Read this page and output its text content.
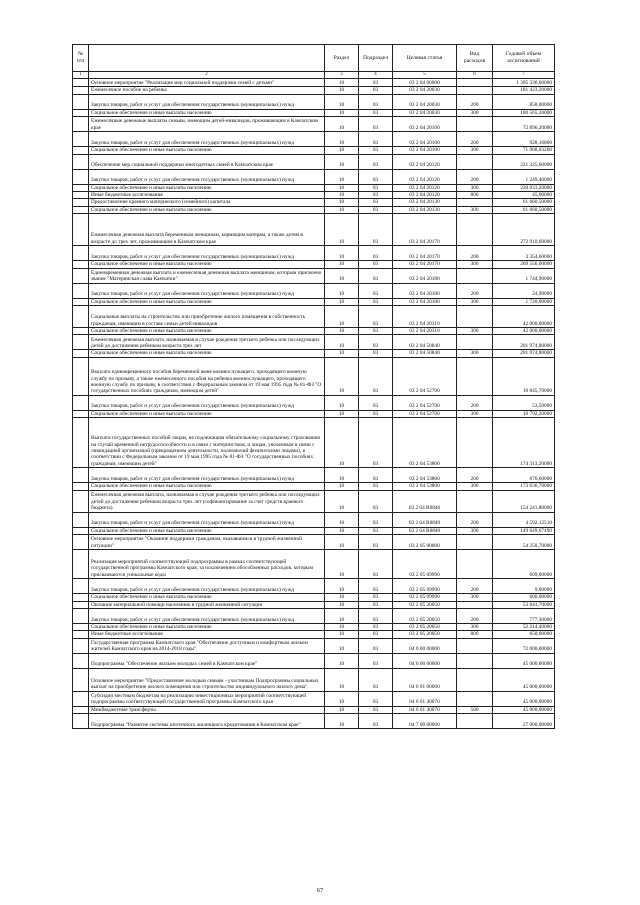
№ п/п		Раздел	Подраздел	Целевая статья	Вид расходов	Годовой объем ассигнований
1	2	3	4	5	6	7
	Основное мероприятие "Реализация мер социальной поддержки семей с детьми"	10	03	03 2 04 00000		1 395 336,60000
	Ежемесячное пособие на ребенка	10	03	03 2 04 20030		181 423,20000
	Закупка товаров, работ и услуг для обеспечения государственных (муниципальных) нужд	10	03	03 2 04 20030	200	858,00000
	Социальное обеспечение и иные выплаты населению	10	03	03 2 04 20030	300	180 565,20000
	Ежемесячные денежные выплаты семьям, имеющим детей-инвалидов, проживающим в Камчатском крае	10	03	03 2 04 20100		72 896,20000
	Закупка товаров, работ и услуг для обеспечения государственных (муниципальных) нужд	10	03	03 2 04 20100	200	928,16800
	Социальное обеспечение и иные выплаты населению	10	03	03 2 04 20100	300	71 968,03200
	Обеспечение мер социальной поддержки многодетных семей в Камчатском крае	10	03	03 2 04 20120		221 325,60000
	Закупка товаров, работ и услуг для обеспечения государственных (муниципальных) нужд	10	03	03 2 04 20120	200	1 249,40000
	Социальное обеспечение и иные выплаты населению	10	03	03 2 04 20120	300	220 031,20000
	Иные бюджетные ассигнования	10	03	03 2 04 20120	800	45,00000
	Предоставление краевого материнского (семейного) капитала	10	03	03 2 04 20130		61 660,50000
	Социальное обеспечение и иные выплаты населению	10	03	03 2 04 20130	300	61 660,50000
	Ежемесячная денежная выплата беременным женщинам, кормящим матерям, а также детям в возрасте до трех лет, проживающим в Камчатском крае	10	03	03 2 04 20170		272 910,60000
	Закупка товаров, работ и услуг для обеспечения государственных (муниципальных) нужд	10	03	03 2 04 20170	200	3 354,60000
	Социальное обеспечение и иные выплаты населению	10	03	03 2 04 20170	300	269 556,00000
	Единовременная денежная выплата и ежемесячная денежная выплата женщинам, которым присвоено звание "Материнская слава Камчатки"	10	03	03 2 04 20180		1 744,90000
	Закупка товаров, работ и услуг для обеспечения государственных (муниципальных) нужд	10	03	03 2 04 20180	200	24,90000
	Социальное обеспечение и иные выплаты населению	10	03	03 2 04 20180	300	1 720,00000
	Социальные выплаты на строительство или приобретение жилого помещения в собственность гражданам, имеющим в составе семьи детей-инвалидов	10	03	03 2 04 20310		42 000,00000
	Социальное обеспечение и иные выплаты населению	10	03	03 2 04 20310	300	42 000,00000
	Ежемесячная денежная выплата, назначаемая в случае рождения третьего ребенка или последующих детей до достижения ребенком возраста трех лет	10	03	03 2 04 50840		201 974,80000
	Социальное обеспечение и иные выплаты населению	10	03	03 2 04 50840	300	201 974,80000
	Выплата единовременного пособия беременной жене военнослужащего, проходящего военную службу по призыву, а также ежемесячного пособия на ребенка военнослужащего, проходящего военную службу по призыву, в соответствии с Федеральным законом от 19 мая 1995 года № 81-ФЗ "О государственных пособиях гражданам, имеющим детей"	10	03	03 2 04 52700		10 845,70000
	Закупка товаров, работ и услуг для обеспечения государственных (муниципальных) нужд	10	03	03 2 04 52700	200	53,50000
	Социальное обеспечение и иные выплаты населению	10	03	03 2 04 52700	300	10 792,20000
	Выплата государственных пособий лицам, не подлежащим обязательному социальному страхованию на случай временной нетрудоспособности и в связи с материнством, и лицам, уволенным в связи с ликвидацией организаций (прекращением деятельности, полномочий физическими лицами), в соответствии с Федеральным законом от 19 мая 1995 года № 81-ФЗ "О государственных пособиях гражданам, имеющим детей"	10	03	03 2 04 53800		174 313,20000
	Закупка товаров, работ и услуг для обеспечения государственных (муниципальных) нужд	10	03	03 2 04 53800	200	676,60000
	Социальное обеспечение и иные выплаты населению	10	03	03 2 04 53800	300	173 636,70000
	Ежемесячная денежная выплата, назначаемая в случае рождения третьего ребенка или последующих детей до достижения ребенком возраста трех лет (софинансирование за счет средств краевого бюджета)	10	03	03 2 04 R0840		154 241,80000
	Закупка товаров, работ и услуг для обеспечения государственных (муниципальных) нужд	10	03	03 2 04 R0840	200	4 592,12510
	Социальное обеспечение и иные выплаты населению	10	03	03 2 04 R0840	300	149 649,67490
	Основное мероприятие "Оказание поддержки гражданам, оказавшимся в трудной жизненной ситуации"	10	03	03 2 05 00000		54 250,70000
	Реализация мероприятий соответствующей подпрограммы в рамках соответствующей государственной программы Камчатского края, за исключением обособленных расходов, которым присваиваются уникальные коды	10	03	03 2 05 09990		609,00000
	Закупка товаров, работ и услуг для обеспечения государственных (муниципальных) нужд	10	03	03 2 05 09990	200	9,00000
	Социальное обеспечение и иные выплаты населению	10	03	03 2 05 09990	300	600,00000
	Оказание материальной помощи населению в трудной жизненной ситуации	10	03	03 2 05 20050		53 641,70000
	Закупка товаров, работ и услуг для обеспечения государственных (муниципальных) нужд	10	03	03 2 05 20050	200	777,30000
	Социальное обеспечение и иные выплаты населению	10	03	03 2 05 20050	300	52 214,40000
	Иные бюджетные ассигнования	10	03	03 2 05 20050	800	650,00000
	Государственная программа Камчатского края "Обеспечение доступным и комфортным жильем жителей Камчатского края на 2014-2018 годы"	10	03	04 0 00 00000		72 000,00000
	Подпрограмма "Обеспечение жильем молодых семей в Камчатском крае"	10	03	04 6 00 00000		45 000,00000
	Основное мероприятие "Предоставление молодым семьям - участникам Подпрограммы социальных выплат на приобретение жилого помещения или строительство индивидуального жилого дома"	10	03	04 6 01 00000		45 000,00000
	Субсидии местным бюджетам на реализацию инвестиционных мероприятий соответствующей подпрограммы соответствующей государственной программы Камчатского края	10	03	04 6 01 40070		45 000,00000
	Межбюджетные трансферты	10	03	04 6 01 40070	500	45 000,00000
	Подпрограмма "Развитие системы ипотечного жилищного кредитования в Камчатском крае"	10	03	04 7 00 00000		27 000,00000
67
